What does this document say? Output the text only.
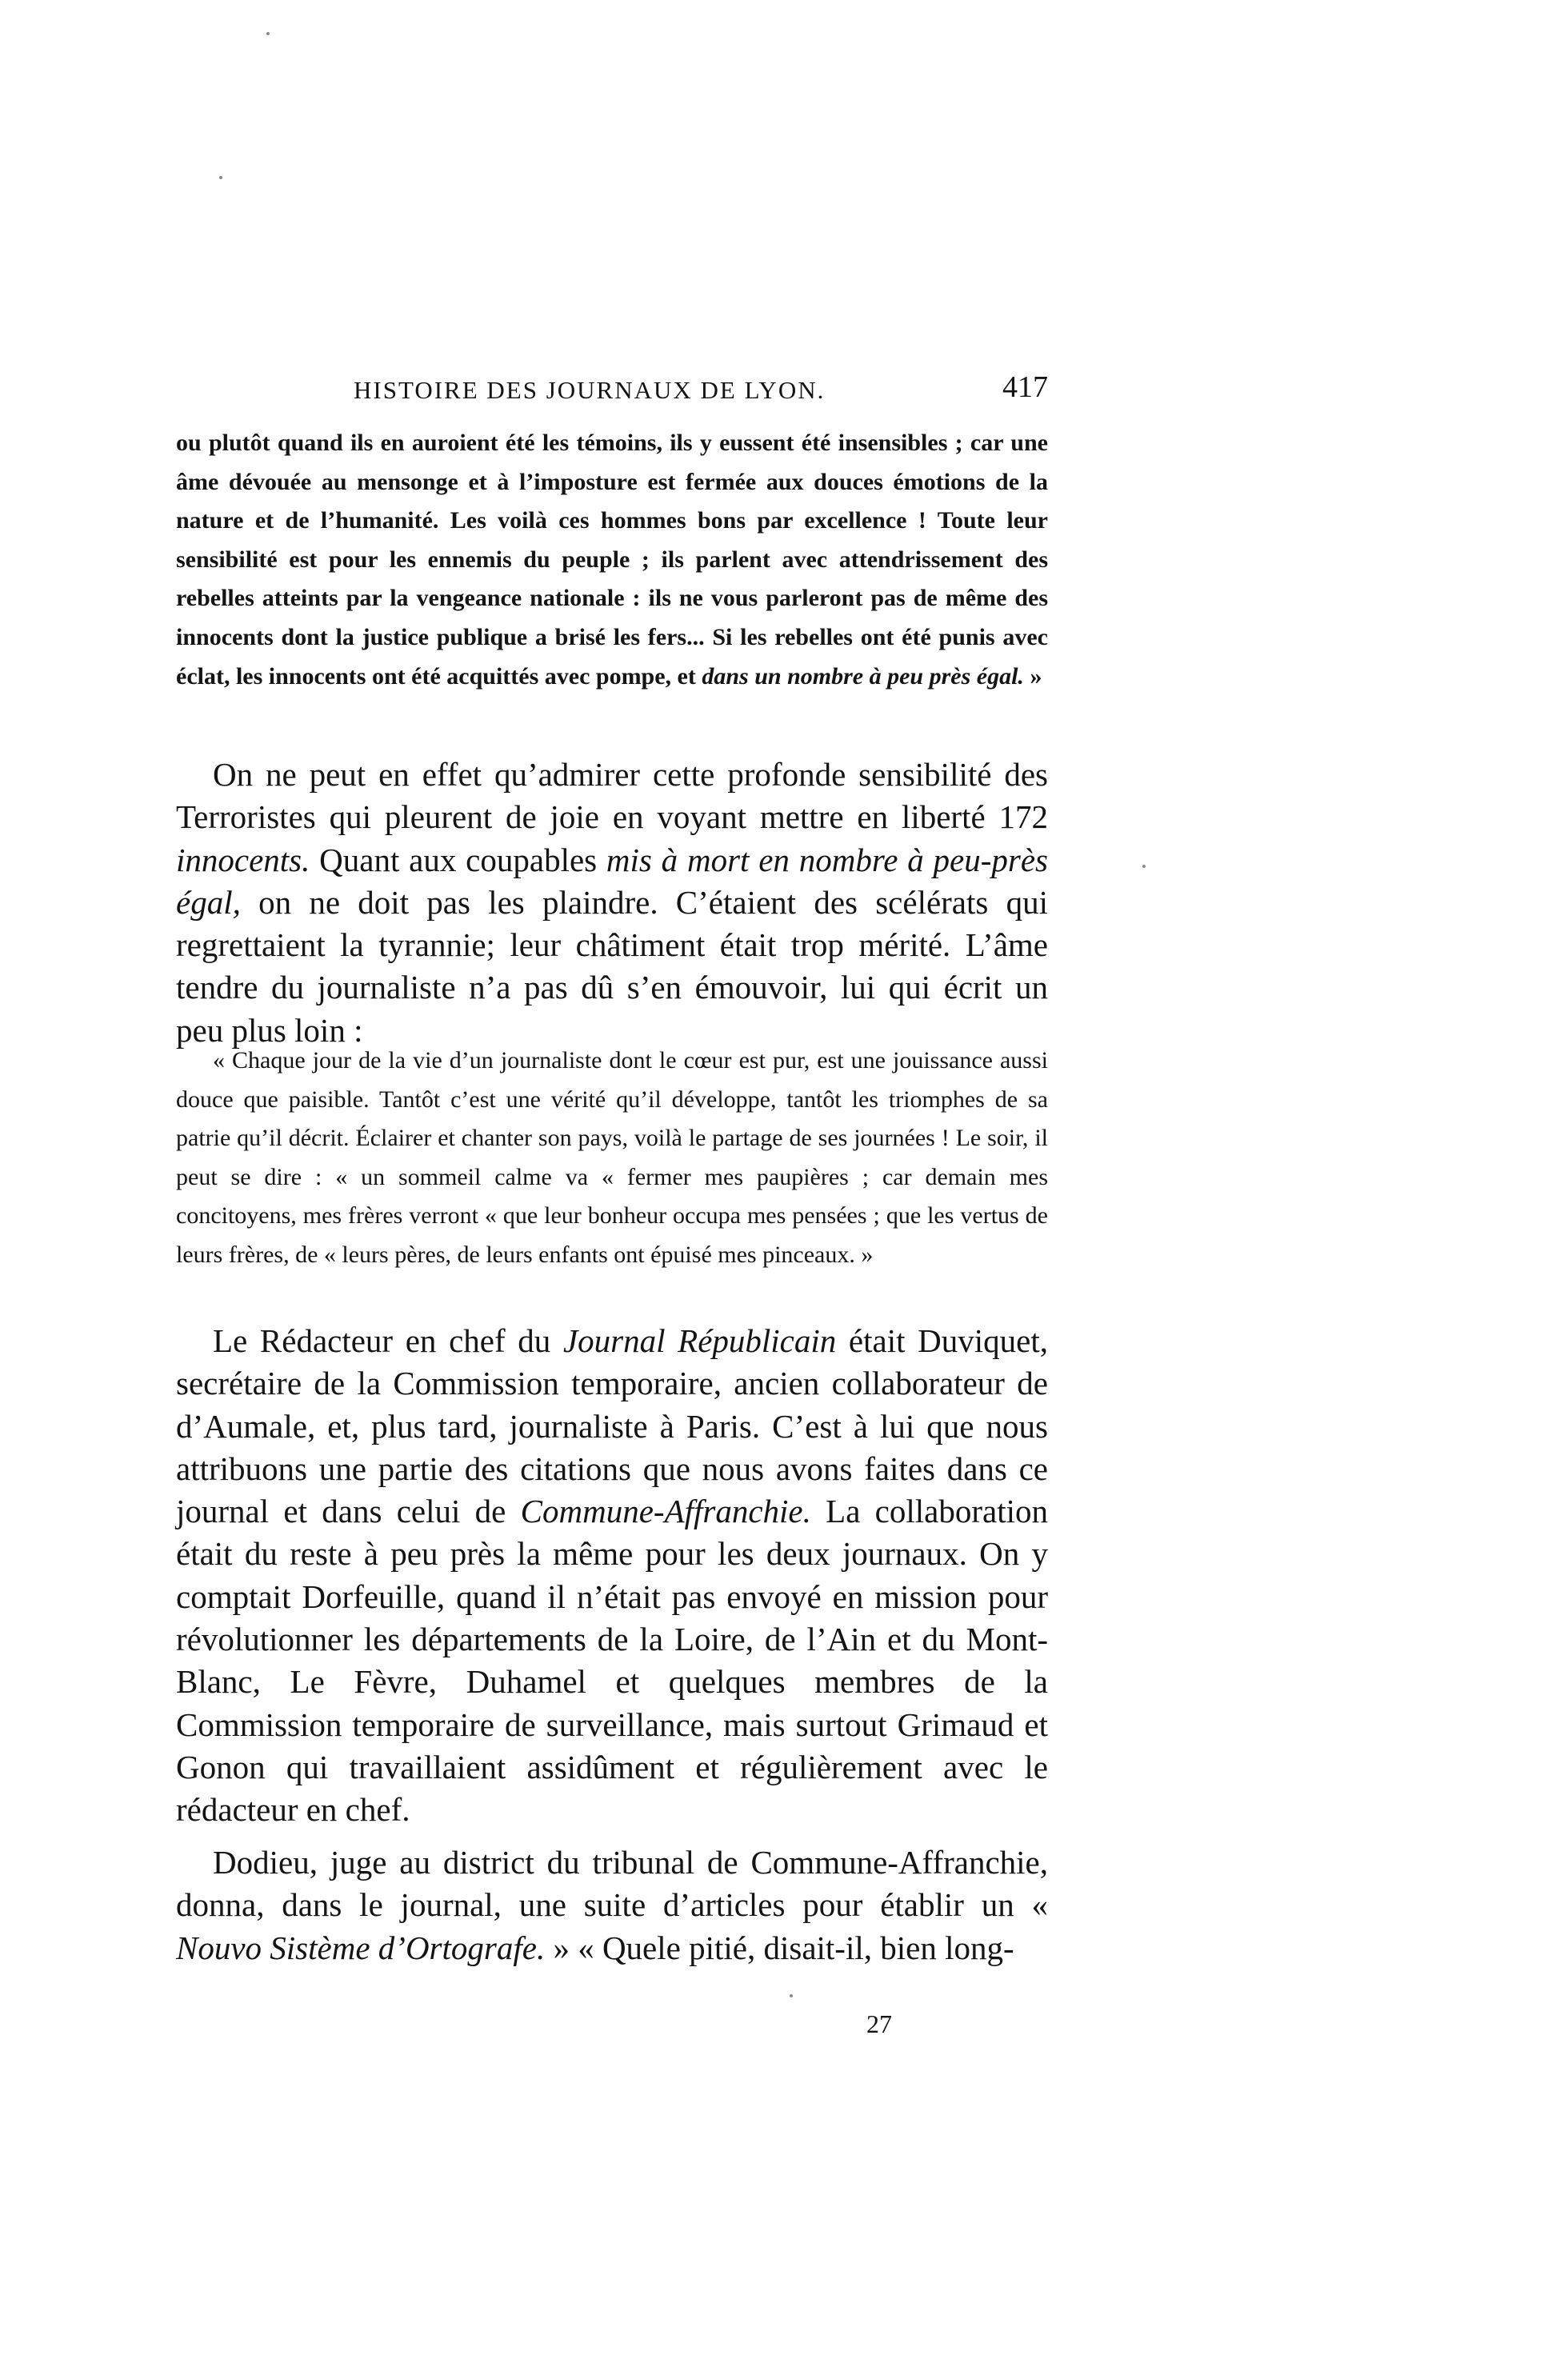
HISTOIRE DES JOURNAUX DE LYON.	417

ou plutôt quand ils en auroient été les témoins, ils y eussent été insensibles ; car une âme dévouée au mensonge et à l’imposture est fermée aux douces émotions de la nature et de l’humanité. Les voilà ces hommes bons par excellence ! Toute leur sensibilité est pour les ennemis du peuple ; ils parlent avec attendrissement des rebelles atteints par la vengeance nationale : ils ne vous parleront pas de même des innocents dont la justice publique a brisé les fers... Si les rebelles ont été punis avec éclat, les innocents ont été acquittés avec pompe, et dans un nombre à peu près égal. »

On ne peut en effet qu’admirer cette profonde sensibilité des Terroristes qui pleurent de joie en voyant mettre en liberté 172 innocents. Quant aux coupables mis à mort en nombre à peu-près égal, on ne doit pas les plaindre. C’étaient des scélérats qui regrettaient la tyrannie; leur châtiment était trop mérité. L’âme tendre du journaliste n’a pas dû s’en émouvoir, lui qui écrit un peu plus loin :

« Chaque jour de la vie d’un journaliste dont le cœur est pur, est une jouissance aussi douce que paisible. Tantôt c’est une vérité qu’il développe, tantôt les triomphes de sa patrie qu’il décrit. Éclairer et chanter son pays, voilà le partage de ses journées ! Le soir, il peut se dire : « un sommeil calme va « fermer mes paupières ; car demain mes concitoyens, mes frères verront « que leur bonheur occupa mes pensées ; que les vertus de leurs frères, de « leurs pères, de leurs enfants ont épuisé mes pinceaux. »

Le Rédacteur en chef du Journal Républicain était Duviquet, secrétaire de la Commission temporaire, ancien collaborateur de d’Aumale, et, plus tard, journaliste à Paris. C’est à lui que nous attribuons une partie des citations que nous avons faites dans ce journal et dans celui de Commune-Affranchie. La collaboration était du reste à peu près la même pour les deux journaux. On y comptait Dorfeuille, quand il n’était pas envoyé en mission pour révolutionner les départements de la Loire, de l’Ain et du Mont-Blanc, Le Fèvre, Duhamel et quelques membres de la Commission temporaire de surveillance, mais surtout Grimaud et Gonon qui travaillaient assidûment et régulièrement avec le rédacteur en chef.

Dodieu, juge au district du tribunal de Commune-Affranchie, donna, dans le journal, une suite d’articles pour établir un « Nouvo Sistème d’Ortografe. » « Quele pitié, disait-il, bien long-

27
